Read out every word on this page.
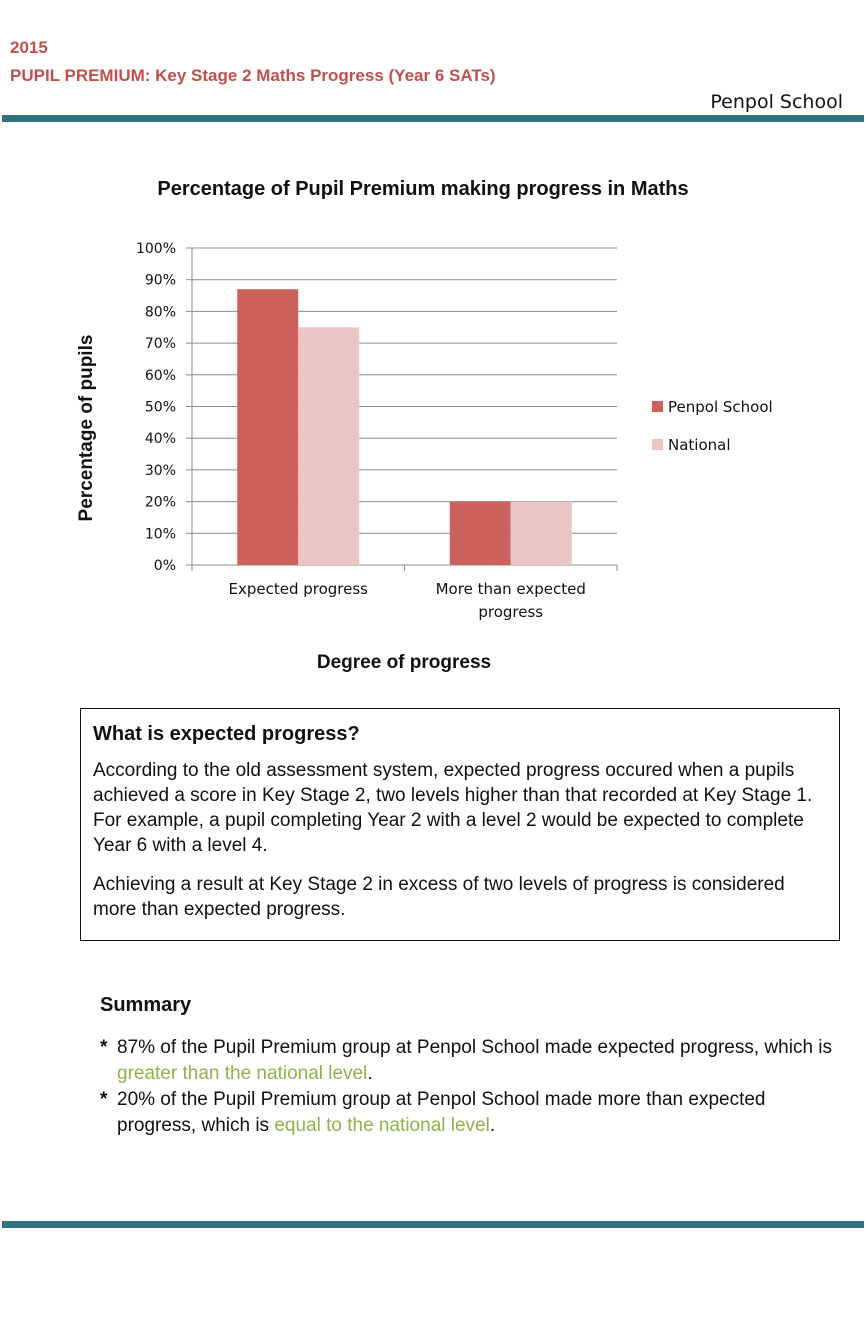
2015
PUPIL PREMIUM: Key Stage 2 Maths Progress (Year 6 SATs)
Penpol School
Percentage of Pupil Premium making progress in Maths
0%
10%
20%
30%
40%
50%
60%
70%
80%
90%
100%
Expected progress	More than expected
progress
Penpol School
National
Degree of progress
Percentage of pupils
What is expected progress?

According to the old assessment system, expected progress occured when a pupils achieved a score in Key Stage 2, two levels higher than that recorded at Key Stage 1. For example, a pupil completing Year 2 with a level 2 would be expected to complete Year 6 with a level 4.

Achieving a result at Key Stage 2 in excess of two levels of progress is considered more than expected progress.

Summary
* 87% of the Pupil Premium group at Penpol School made expected progress, which is greater than the national level.
* 20% of the Pupil Premium group at Penpol School made more than expected progress, which is equal to the national level.
